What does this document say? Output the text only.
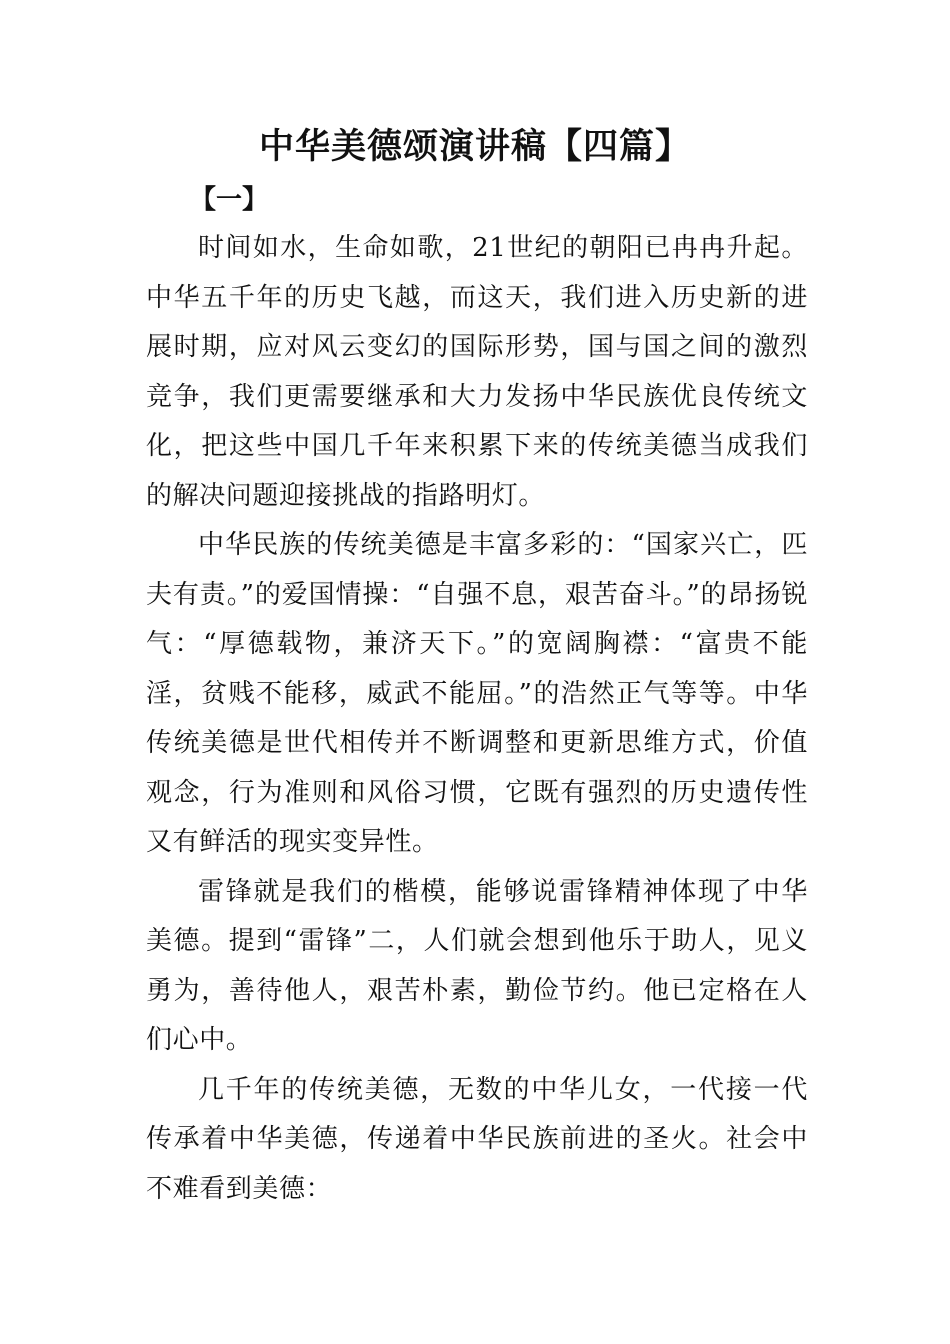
中华美德颂演讲稿【四篇】
【一】

时间如水，生命如歌，21世纪的朝阳已冉冉升起。中华五千年的历史飞越，而这天，我们进入历史新的进展时期，应对风云变幻的国际形势，国与国之间的激烈竞争，我们更需要继承和大力发扬中华民族优良传统文化，把这些中国几千年来积累下来的传统美德当成我们的解决问题迎接挑战的指路明灯。

中华民族的传统美德是丰富多彩的：“国家兴亡，匹夫有责。”的爱国情操：“自强不息，艰苦奋斗。”的昂扬锐气：“厚德载物，兼济天下。”的宽阔胸襟：“富贵不能淫，贫贱不能移，威武不能屈。”的浩然正气等等。中华传统美德是世代相传并不断调整和更新思维方式，价值观念，行为准则和风俗习惯，它既有强烈的历史遗传性又有鲜活的现实变异性。

雷锋就是我们的楷模，能够说雷锋精神体现了中华美德。提到“雷锋”二，人们就会想到他乐于助人，见义勇为，善待他人，艰苦朴素，勤俭节约。他已定格在人们心中。

几千年的传统美德，无数的中华儿女，一代接一代传承着中华美德，传递着中华民族前进的圣火。社会中不难看到美德：
